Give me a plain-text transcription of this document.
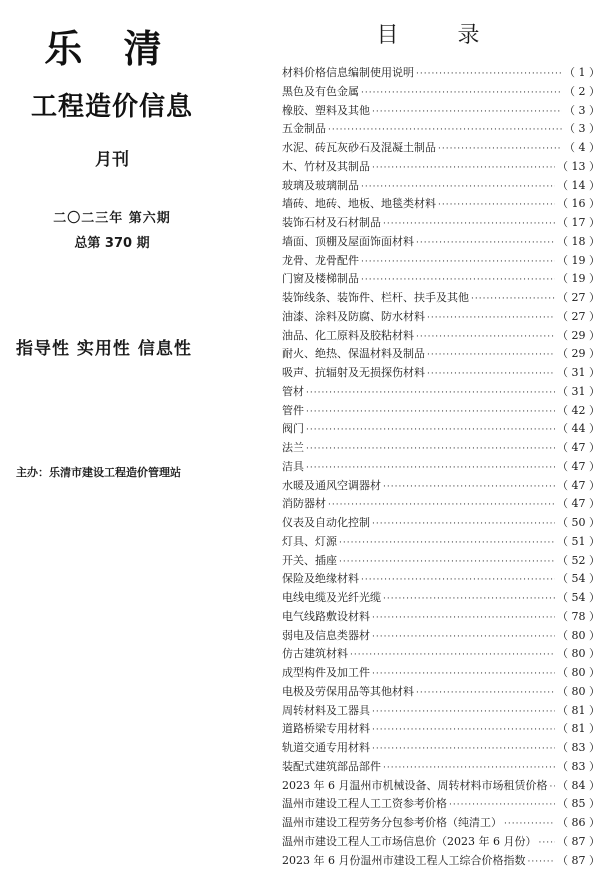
乐 清
工程造价信息
月刊
二〇二三年 第六期
总第 370 期
指导性 实用性 信息性
主办：乐清市建设工程造价管理站
目 录
材料价格信息编制使用说明 ·····	（ 1 ）
黑色及有色金属 ·····	（ 2 ）
橡胶、塑料及其他 ·····	（ 3 ）
五金制品 ·····	（ 3 ）
水泥、砖瓦灰砂石及混凝土制品 ·····	（ 4 ）
木、竹材及其制品 ·····	（ 13 ）
玻璃及玻璃制品 ·····	（ 14 ）
墙砖、地砖、地板、地毯类材料 ·····	（ 16 ）
装饰石材及石材制品 ·····	（ 17 ）
墙面、顶棚及屋面饰面材料 ·····	（ 18 ）
龙骨、龙骨配件 ·····	（ 19 ）
门窗及楼梯制品 ·····	（ 19 ）
装饰线条、装饰件、栏杆、扶手及其他 ·····	（ 27 ）
油漆、涂料及防腐、防水材料 ·····	（ 27 ）
油品、化工原料及胶粘材料 ·····	（ 29 ）
耐火、绝热、保温材料及制品 ·····	（ 29 ）
吸声、抗辐射及无损探伤材料 ·····	（ 31 ）
管材 ·····	（ 31 ）
管件 ·····	（ 42 ）
阀门 ·····	（ 44 ）
法兰 ·····	（ 47 ）
洁具 ·····	（ 47 ）
水暖及通风空调器材 ·····	（ 47 ）
消防器材 ·····	（ 47 ）
仪表及自动化控制 ·····	（ 50 ）
灯具、灯源 ·····	（ 51 ）
开关、插座 ·····	（ 52 ）
保险及绝缘材料 ·····	（ 54 ）
电线电缆及光纤光缆 ·····	（ 54 ）
电气线路敷设材料 ·····	（ 78 ）
弱电及信息类器材 ·····	（ 80 ）
仿古建筑材料 ·····	（ 80 ）
成型构件及加工件 ·····	（ 80 ）
电极及劳保用品等其他材料 ·····	（ 80 ）
周转材料及工器具 ·····	（ 81 ）
道路桥梁专用材料 ·····	（ 81 ）
轨道交通专用材料 ·····	（ 83 ）
装配式建筑部品部件 ·····	（ 83 ）
2023 年 6 月温州市机械设备、周转材料市场租赁价格 ····· （ 84 ）
温州市建设工程人工工资参考价格 ·····	（ 85 ）
温州市建设工程劳务分包参考价格（纯清工） ·····	（ 86 ）
温州市建设工程人工市场信息价（2023 年 6 月份） ····· （ 87 ）
2023 年 6 月份温州市建设工程人工综合价格指数 ·····	（ 87 ）
